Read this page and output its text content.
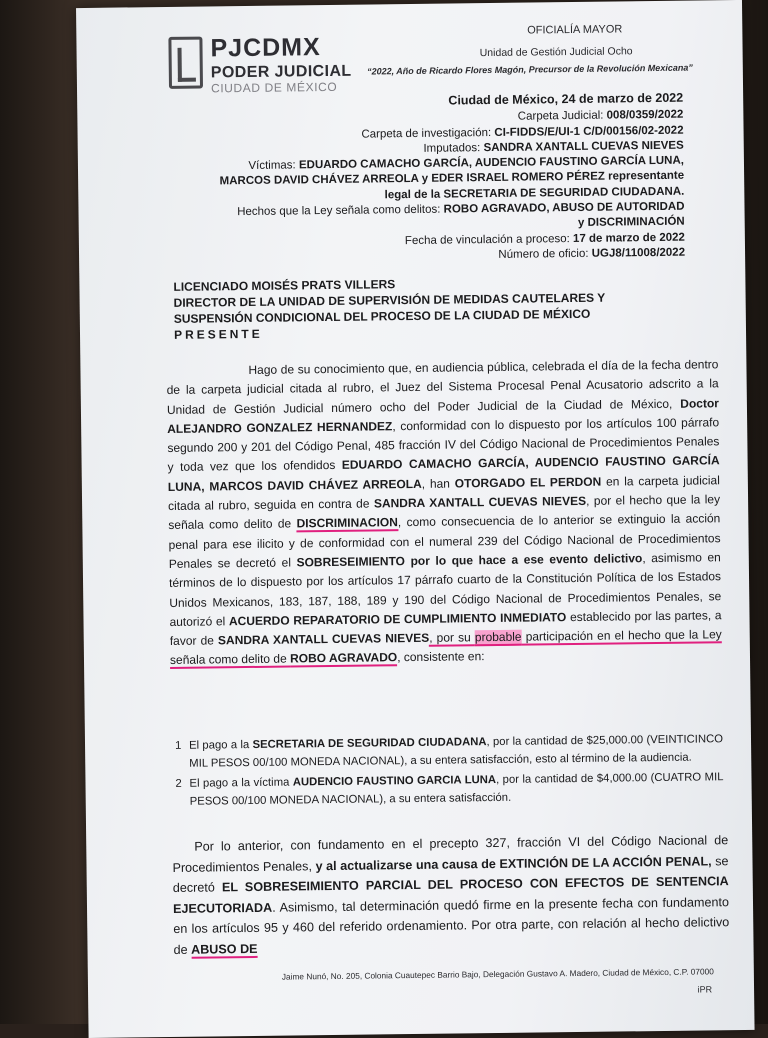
PJCDMX
PODER JUDICIAL
CIUDAD DE MÉXICO
OFICIALÍA MAYOR
Unidad de Gestión Judicial Ocho
“2022, Año de Ricardo Flores Magón, Precursor de la Revolución Mexicana”
Ciudad de México, 24 de marzo de 2022
Carpeta Judicial: 008/0359/2022
Carpeta de investigación: CI-FIDDS/E/UI-1 C/D/00156/02-2022
Imputados: SANDRA XANTALL CUEVAS NIEVES
Víctimas: EDUARDO CAMACHO GARCÍA, AUDENCIO FAUSTINO GARCÍA LUNA,
MARCOS DAVID CHÁVEZ ARREOLA y EDER ISRAEL ROMERO PÉREZ representante
legal de la SECRETARIA DE SEGURIDAD CIUDADANA.
Hechos que la Ley señala como delitos: ROBO AGRAVADO, ABUSO DE AUTORIDAD
y DISCRIMINACIÓN
Fecha de vinculación a proceso: 17 de marzo de 2022
Número de oficio: UGJ8/11008/2022
LICENCIADO MOISÉS PRATS VILLERS
DIRECTOR DE LA UNIDAD DE SUPERVISIÓN DE MEDIDAS CAUTELARES Y
SUSPENSIÓN CONDICIONAL DEL PROCESO DE LA CIUDAD DE MÉXICO
PRESENTE

Hago de su conocimiento que, en audiencia pública, celebrada el día de la fecha dentro de la carpeta judicial citada al rubro, el Juez del Sistema Procesal Penal Acusatorio adscrito a la Unidad de Gestión Judicial número ocho del Poder Judicial de la Ciudad de México, Doctor ALEJANDRO GONZALEZ HERNANDEZ, conformidad con lo dispuesto por los artículos 100 párrafo segundo 200 y 201 del Código Penal, 485 fracción IV del Código Nacional de Procedimientos Penales y toda vez que los ofendidos EDUARDO CAMACHO GARCÍA, AUDENCIO FAUSTINO GARCÍA LUNA, MARCOS DAVID CHÁVEZ ARREOLA, han OTORGADO EL PERDON en la carpeta judicial citada al rubro, seguida en contra de SANDRA XANTALL CUEVAS NIEVES, por el hecho que la ley señala como delito de DISCRIMINACION, como consecuencia de lo anterior se extinguio la acción penal para ese ilicito y de conformidad con el numeral 239 del Código Nacional de Procedimientos Penales se decretó el SOBRESEIMIENTO por lo que hace a ese evento delictivo, asimismo en términos de lo dispuesto por los artículos 17 párrafo cuarto de la Constitución Política de los Estados Unidos Mexicanos, 183, 187, 188, 189 y 190 del Código Nacional de Procedimientos Penales, se autorizó el ACUERDO REPARATORIO DE CUMPLIMIENTO INMEDIATO establecido por las partes, a favor de SANDRA XANTALL CUEVAS NIEVES, por su probable participación en el hecho que la Ley señala como delito de ROBO AGRAVADO, consistente en:

1 El pago a la SECRETARIA DE SEGURIDAD CIUDADANA, por la cantidad de $25,000.00 (VEINTICINCO MIL PESOS 00/100 MONEDA NACIONAL), a su entera satisfacción, esto al término de la audiencia.
2 El pago a la víctima AUDENCIO FAUSTINO GARCIA LUNA, por la cantidad de $4,000.00 (CUATRO MIL PESOS 00/100 MONEDA NACIONAL), a su entera satisfacción.

Por lo anterior, con fundamento en el precepto 327, fracción VI del Código Nacional de Procedimientos Penales, y al actualizarse una causa de EXTINCIÓN DE LA ACCIÓN PENAL, se decretó EL SOBRESEIMIENTO PARCIAL DEL PROCESO CON EFECTOS DE SENTENCIA EJECUTORIADA. Asimismo, tal determinación quedó firme en la presente fecha con fundamento en los artículos 95 y 460 del referido ordenamiento. Por otra parte, con relación al hecho delictivo de ABUSO DE

Jaime Nunó, No. 205, Colonia Cuautepec Barrio Bajo, Delegación Gustavo A. Madero, Ciudad de México, C.P. 07000
iPR
